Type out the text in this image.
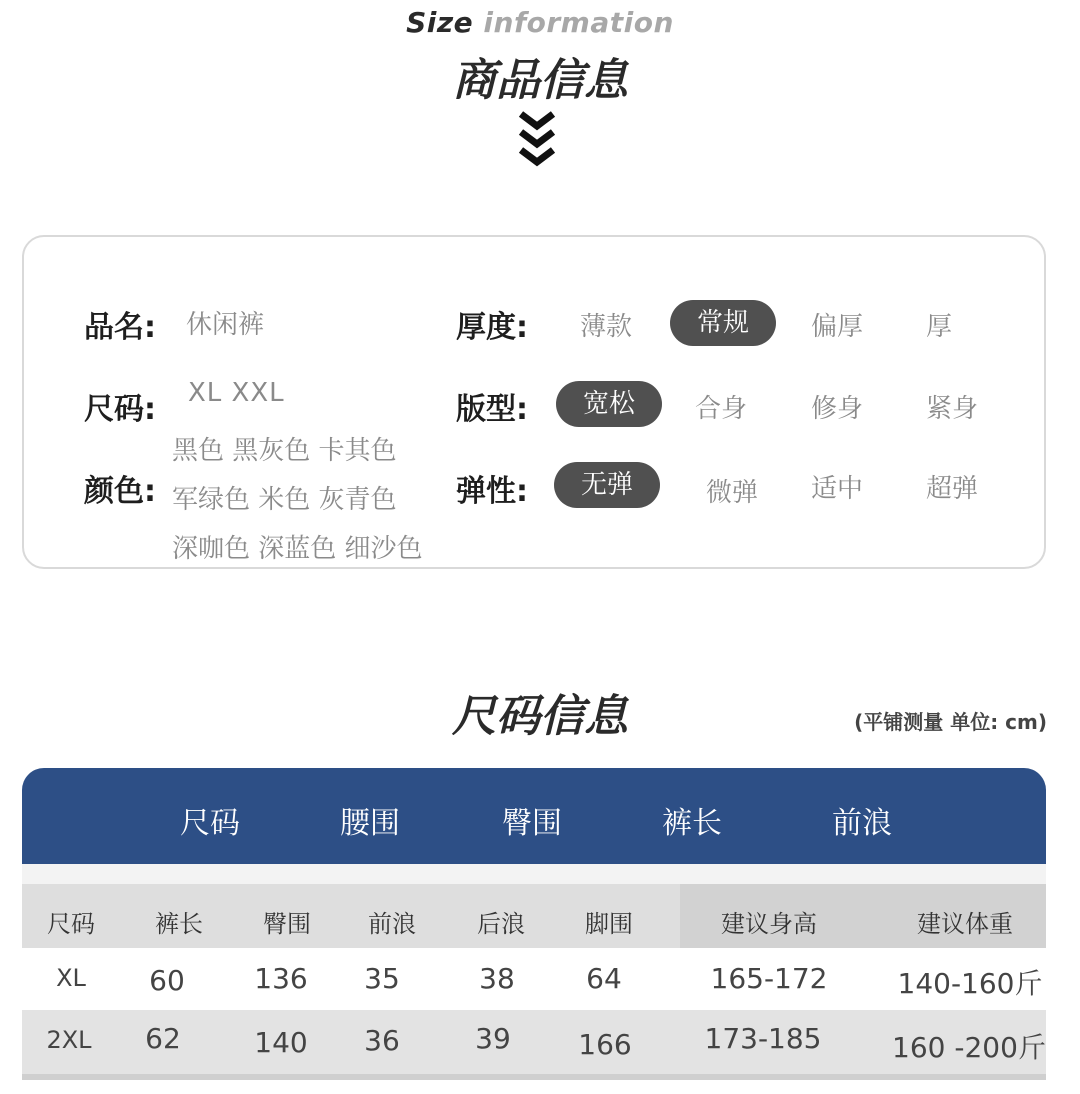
Size information
商品信息
品名: 休闲裤
尺码: XL XXL
颜色:
黑色 黑灰色 卡其色
军绿色 米色 灰青色
深咖色 深蓝色 细沙色
厚度:	薄款	常规	偏厚	厚
版型:	宽松	合身	修身	紧身
弹性:	无弹	微弹	适中	超弹
尺码信息	(平铺测量 单位: cm)
尺码	腰围	臀围	裤长	前浪
尺码	裤长	臀围	前浪	后浪	脚围	建议身高	建议体重
XL	60	136	35	38	64	165-172	140-160斤
2XL	62	140	36	39	166	173-185	160 -200斤
